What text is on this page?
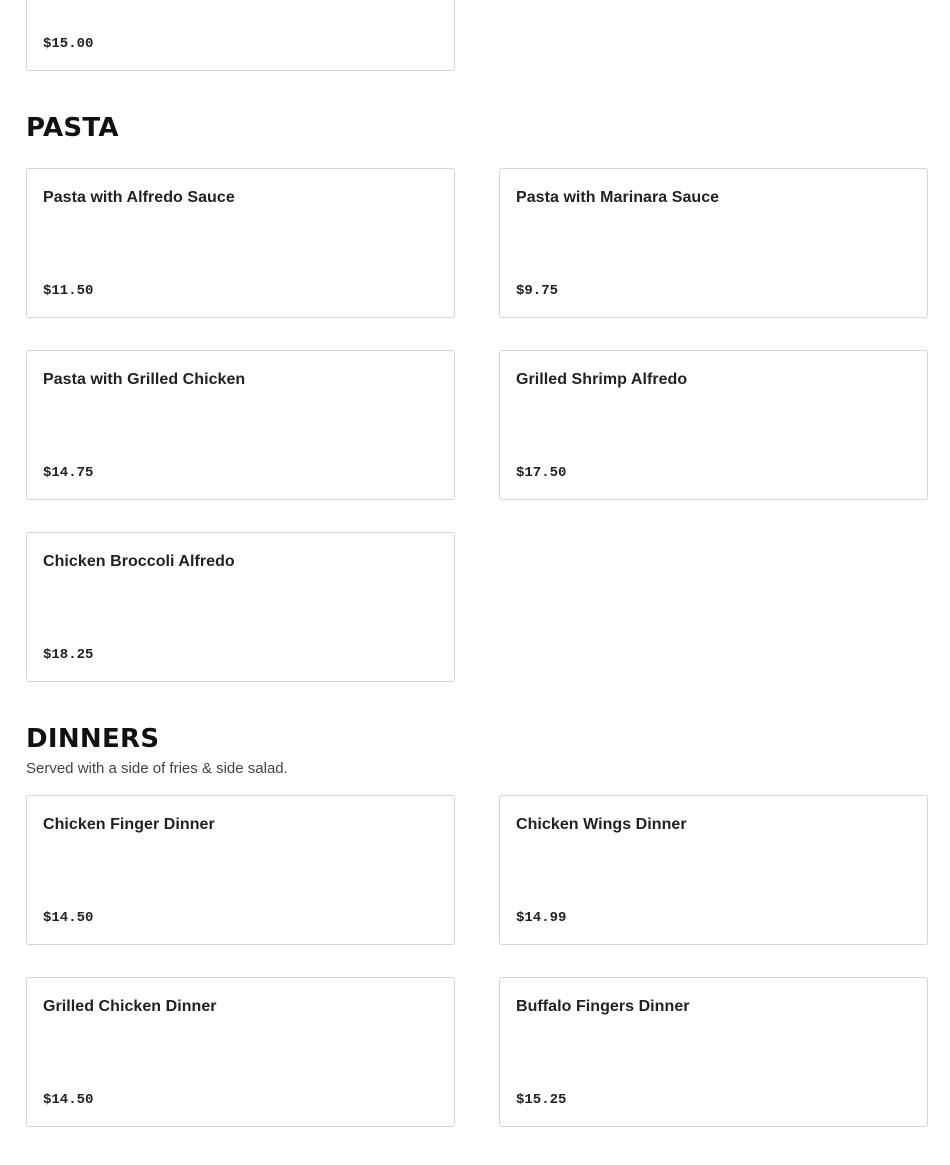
$15.00
PASTA
Pasta with Alfredo Sauce
$11.50
Pasta with Marinara Sauce
$9.75
Pasta with Grilled Chicken
$14.75
Grilled Shrimp Alfredo
$17.50
Chicken Broccoli Alfredo
$18.25
DINNERS

Served with a side of fries & side salad.

Chicken Finger Dinner
$14.50
Chicken Wings Dinner
$14.99
Grilled Chicken Dinner
$14.50
Buffalo Fingers Dinner
$15.25
